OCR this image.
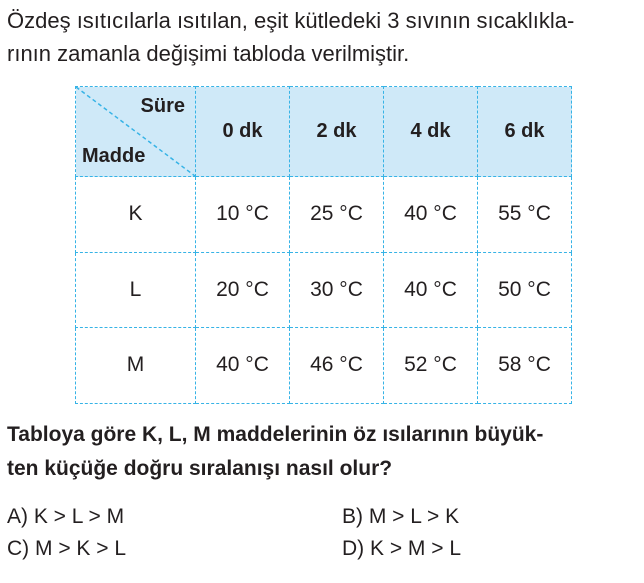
Özdeş ısıtıcılarla ısıtılan, eşit kütledeki 3 sıvının sıcaklıkla-
rının zamanla değişimi tabloda verilmiştir.

Süre
Madde	0 dk	2 dk	4 dk	6 dk
K	10 °C	25 °C	40 °C	55 °C
L	20 °C	30 °C	40 °C	50 °C
M	40 °C	46 °C	52 °C	58 °C

Tabloya göre K, L, M maddelerinin öz ısılarının büyük-
ten küçüğe doğru sıralanışı nasıl olur?

A) K > L > M	B) M > L > K
C) M > K > L	D) K > M > L
